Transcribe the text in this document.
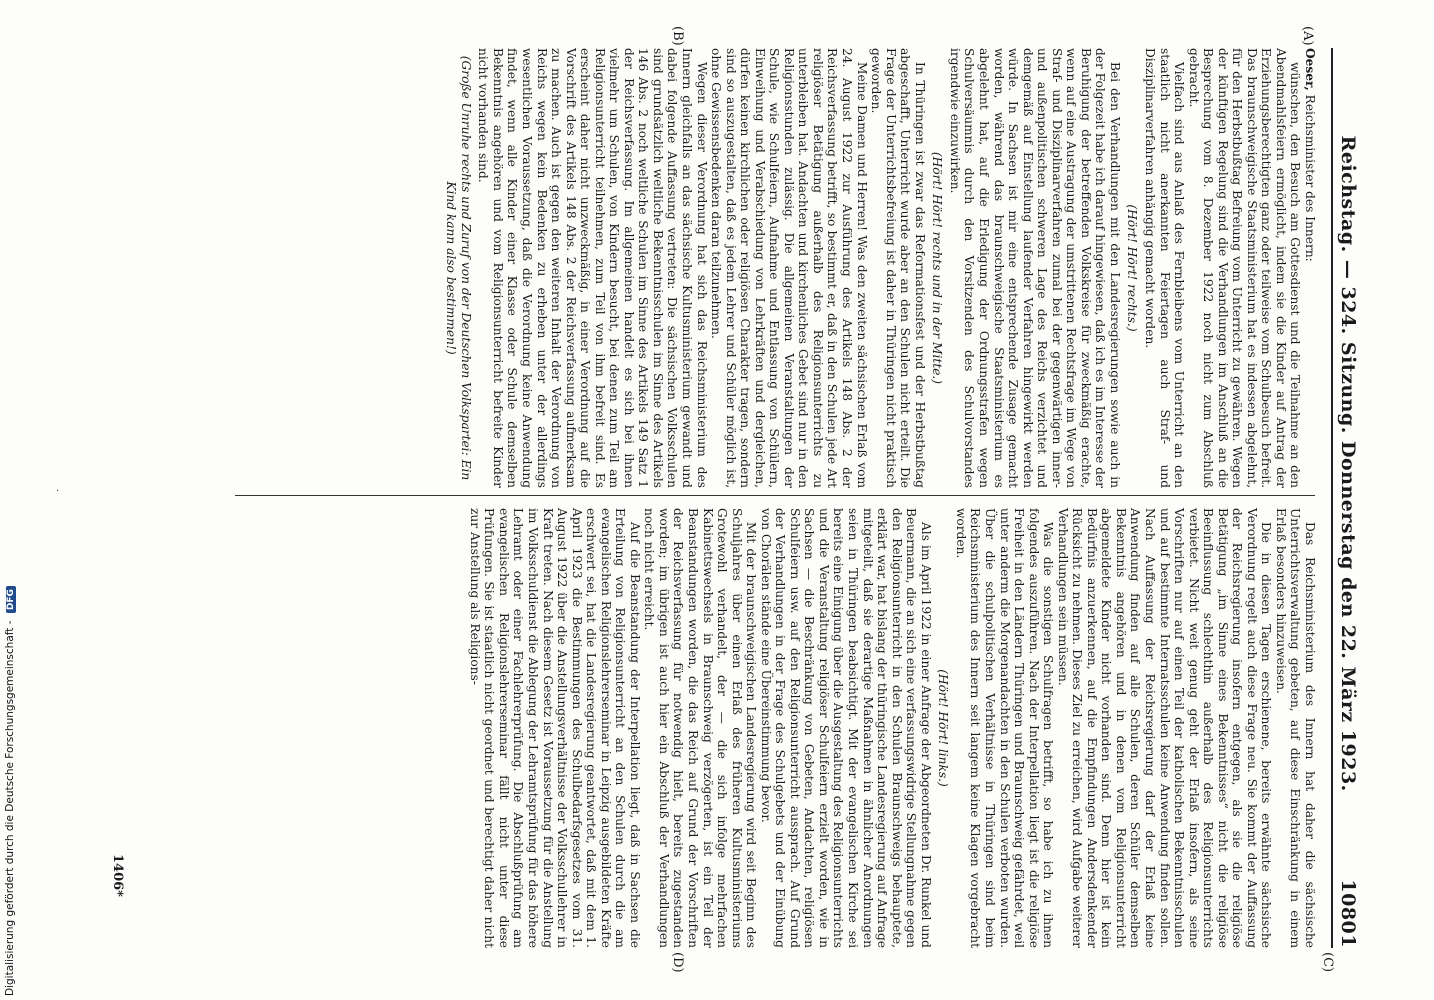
Reichstag. — 324. Sitzung. Donnerstag den 22. März 1923.
10801
(A)
(B)
(C)
(D)

Oeser, Reichsminister des Innern:

wünschen, den Besuch am Gottesdienst und die Teilnahme an den Abendmahlsfeiern ermöglicht, indem sie die Kinder auf Antrag der Erziehungsberechtigten ganz oder teilweise vom Schulbesuch befreit. Das braunschweigische Staatsministerium hat es indessen abgelehnt, für den Herbstbußtag Befreiung vom Unterricht zu gewähren. Wegen der künftigen Regelung sind die Verhandlungen im Anschluß an die Besprechung vom 8. Dezember 1922 noch nicht zum Abschluß gebracht.

Vielfach sind aus Anlaß des Fernbleibens vom Unterricht an den staatlich nicht anerkannten Feiertagen auch Straf- und Disziplinarverfahren anhängig gemacht worden.

(Hört! Hört! rechts.)

Bei den Verhandlungen mit den Landesregierungen sowie auch in der Folgezeit habe ich darauf hingewiesen, daß ich es im Interesse der Beruhigung der betreffenden Volkskreise für zweckmäßig erachte, wenn auf eine Austragung der umstrittenen Rechtsfrage im Wege von Straf- und Disziplinarverfahren zumal bei der gegenwärtigen inner- und außenpolitischen schweren Lage des Reichs verzichtet und demgemäß auf Einstellung laufender Verfahren hingewirkt werden würde. In Sachsen ist mir eine entsprechende Zusage gemacht worden, während das braunschweigische Staatsministerium es abgelehnt hat, auf die Erledigung der Ordnungsstrafen wegen Schulversäumnis durch den Vorsitzenden des Schulvorstandes irgendwie einzuwirken.

(Hört! Hört! rechts und in der Mitte.)

In Thüringen ist zwar das Reformationsfest und der Herbstbußtag abgeschafft, Unterricht wurde aber an den Schulen nicht erteilt. Die Frage der Unterrichtsbefreiung ist daher in Thüringen nicht praktisch geworden.

Meine Damen und Herren! Was den zweiten sächsischen Erlaß vom 24. August 1922 zur Ausführung des Artikels 148 Abs. 2 der Reichsverfassung betrifft, so bestimmt er, daß in den Schulen jede Art religiöser Betätigung außerhalb des Religionsunterrichts zu unterbleiben hat. Andachten und kirchenliches Gebet sind nur in den Religionsstunden zulässig. Die allgemeinen Veranstaltungen der Schule, wie Schulfeiern, Aufnahme und Entlassung von Schülern, Einweihung und Verabschiedung von Lehrkräften und dergleichen, dürfen keinen kirchlichen oder religiösen Charakter tragen, sondern sind so auszugestalten, daß es jedem Lehrer und Schüler möglich ist, ohne Gewissensbedenken daran teilzunehmen.

Wegen dieser Verordnung hat sich das Reichsministerium des Innern gleichfalls an das sächsische Kultusministerium gewandt und dabei folgende Auffassung vertreten: Die sächsischen Volksschulen sind grundsätzlich weltliche Bekenntnisschulen im Sinne des Artikels 146 Abs. 2 noch weltliche Schulen im Sinne des Artikels 149 Satz 1 der Reichsverfassung. Im allgemeinen handelt es sich bei ihnen vielmehr um Schulen, von Kindern besucht, bei denen zum Teil am Religionsunterricht teilnehmen, zum Teil von ihm befreit sind. Es erscheint daher nicht unzweckmäßig, in einer Verordnung auf die Vorschrift des Artikels 148 Abs. 2 der Reichsverfassung aufmerksam zu machen. Auch ist gegen den weiteren Inhalt der Verordnung von Reichs wegen kein Bedenken zu erheben unter der allerdings wesentlichen Voraussetzung, daß die Verordnung keine Anwendung findet, wenn alle Kinder einer Klasse oder Schule demselben Bekenntnis angehören und vom Religionsunterricht befreite Kinder nicht vorhanden sind.

(Große Unruhe rechts und Zuruf von der Deutschen Volkspartei: Ein Kind kann also bestimmen!)

Das Reichsministerium des Innern hat daher die sächsische Unterrichtsverwaltung gebeten, auf diese Einschränkung in einem Erlaß besonders hinzuweisen.

Die in diesen Tagen erschienene, bereits erwähnte sächsische Verordnung regelt auch diese Frage neu. Sie kommt der Auffassung der Reichsregierung insofern entgegen, als sie die religiöse Betätigung „im Sinne eines Bekenntnisses“ nicht die religiöse Beeinflussung schlechthin außerhalb des Religionsunterrichts verbietet. Nicht weit genug geht der Erlaß insofern, als seine Vorschriften nur auf einen Teil der katholischen Bekenntnisschulen und auf bestimmte Internatsschulen keine Anwendung finden sollen. Nach Auffassung der Reichsregierung darf der Erlaß keine Anwendung finden auf alle Schulen, deren Schüler demselben Bekenntnis angehören und in denen vom Religionsunterricht abgemeldete Kinder nicht vorhanden sind. Denn hier ist kein Bedürfnis anzuerkennen, auf die Empfindungen Andersdenkender Rücksicht zu nehmen. Dieses Ziel zu erreichen, wird Aufgabe weiterer Verhandlungen sein müssen.

Was die sonstigen Schulfragen betrifft, so habe ich zu ihnen folgendes auszuführen. Nach der Interpellation liegt ist die religiöse Freiheit in den Ländern Thüringen und Braunschweig gefährdet, weil unter anderm die Morgenandachten in den Schulen verboten wurden. Über die schulpolitischen Verhältnisse in Thüringen sind beim Reichsministerium des Innern seit langem keine Klagen vorgebracht worden.

(Hört! Hört! links.)

Als im April 1922 in einer Anfrage der Abgeordneten Dr. Runkel und Beuermann, die an sich eine verfassungswidrige Stellungnahme gegen den Religionsunterricht in den Schulen Braunschweigs behauptete, erklärt war, hat bislang der thüringische Landesregierung auf Anfrage mitgeteilt, daß sie derartige Maßnahmen in ähnlicher Anordnungen seien in Thüringen beabsichtigt. Mit der evangelischen Kirche sei bereits eine Einigung über die Ausgestaltung des Religionsunterrichts und die Veranstaltung religiöser Schulfeiern erzielt worden, wie in Sachsen — die Beschränkung von Gebeten, Andachten, religiösen Schulfeiern usw. auf den Religionsunterricht aussprach. Auf Grund der Verhandlungen in der Frage des Schulgebets und der Einübung von Chorälen stände eine Übereinstimmung bevor.

Mit der braunschweigischen Landesregierung wird seit Beginn des Schuljahres über einen Erlaß des früheren Kultusministeriums Grotewohl verhandelt, der — die sich infolge mehrfachen Kabinettswechsels in Braunschweig verzögerten, ist ein Teil der Beanstandungen worden, die das Reich auf Grund der Vorschriften der Reichsverfassung für notwendig hielt, bereits zugestanden worden; im übrigen ist auch hier ein Abschluß der Verhandlungen noch nicht erreicht.

Auf die Beanstandung der Interpellation liegt, daß in Sachsen die Erteilung von Religionsunterricht an den Schulen durch die am evangelischen Religionslehrerseminar in Leipzig ausgebildeten Kräfte erschwert sei, hat die Landesregierung geantwortet, daß mit dem 1. April 1923 die Bestimmungen des Schulbedarfsgesetzes vom 31. August 1922 über die Anstellungsverhältnisse der Volksschullehrer in Kraft treten. Nach diesem Gesetz ist Voraussetzung für die Anstellung im Volksschuldienst die Ablegung der Lehramtsprüfung für das höhere Lehramt oder einer Fachlehrerprüfung. Die Abschlußprüfung am evangelischen Religionslehrerseminar fällt nicht unter diese Prüfungen. Sie ist staatlich nicht geordnet und berechtigt daher nicht zur Anstellung als Religions-

1406*
·
Digitalisierung gefördert durch die Deutsche Forschungsgemeinschaft - DFG
